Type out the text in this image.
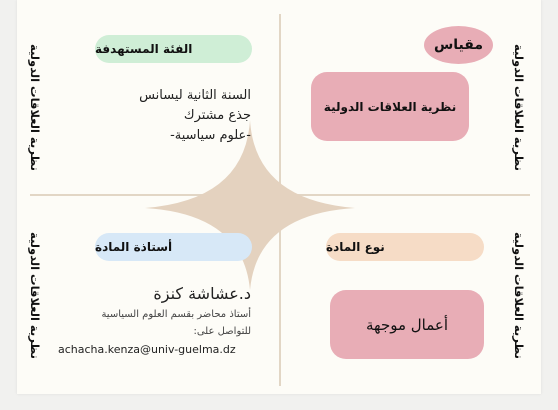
نظرية العلاقات الدولية
نظرية العلاقات الدولية
نظرية العلاقات الدولية
نظرية العلاقات الدولية
الفئة المستهدفة
السنة الثانية ليسانس
جذع مشترك
-علوم سياسية-
مقياس
نظرية العلاقات الدولية
أستاذة المادة
د.عشاشة كنزة
أستاذ محاضر بقسم العلوم السياسية
للتواصل على:
achacha.kenza@univ-guelma.dz
نوع المادة
أعمال موجهة
